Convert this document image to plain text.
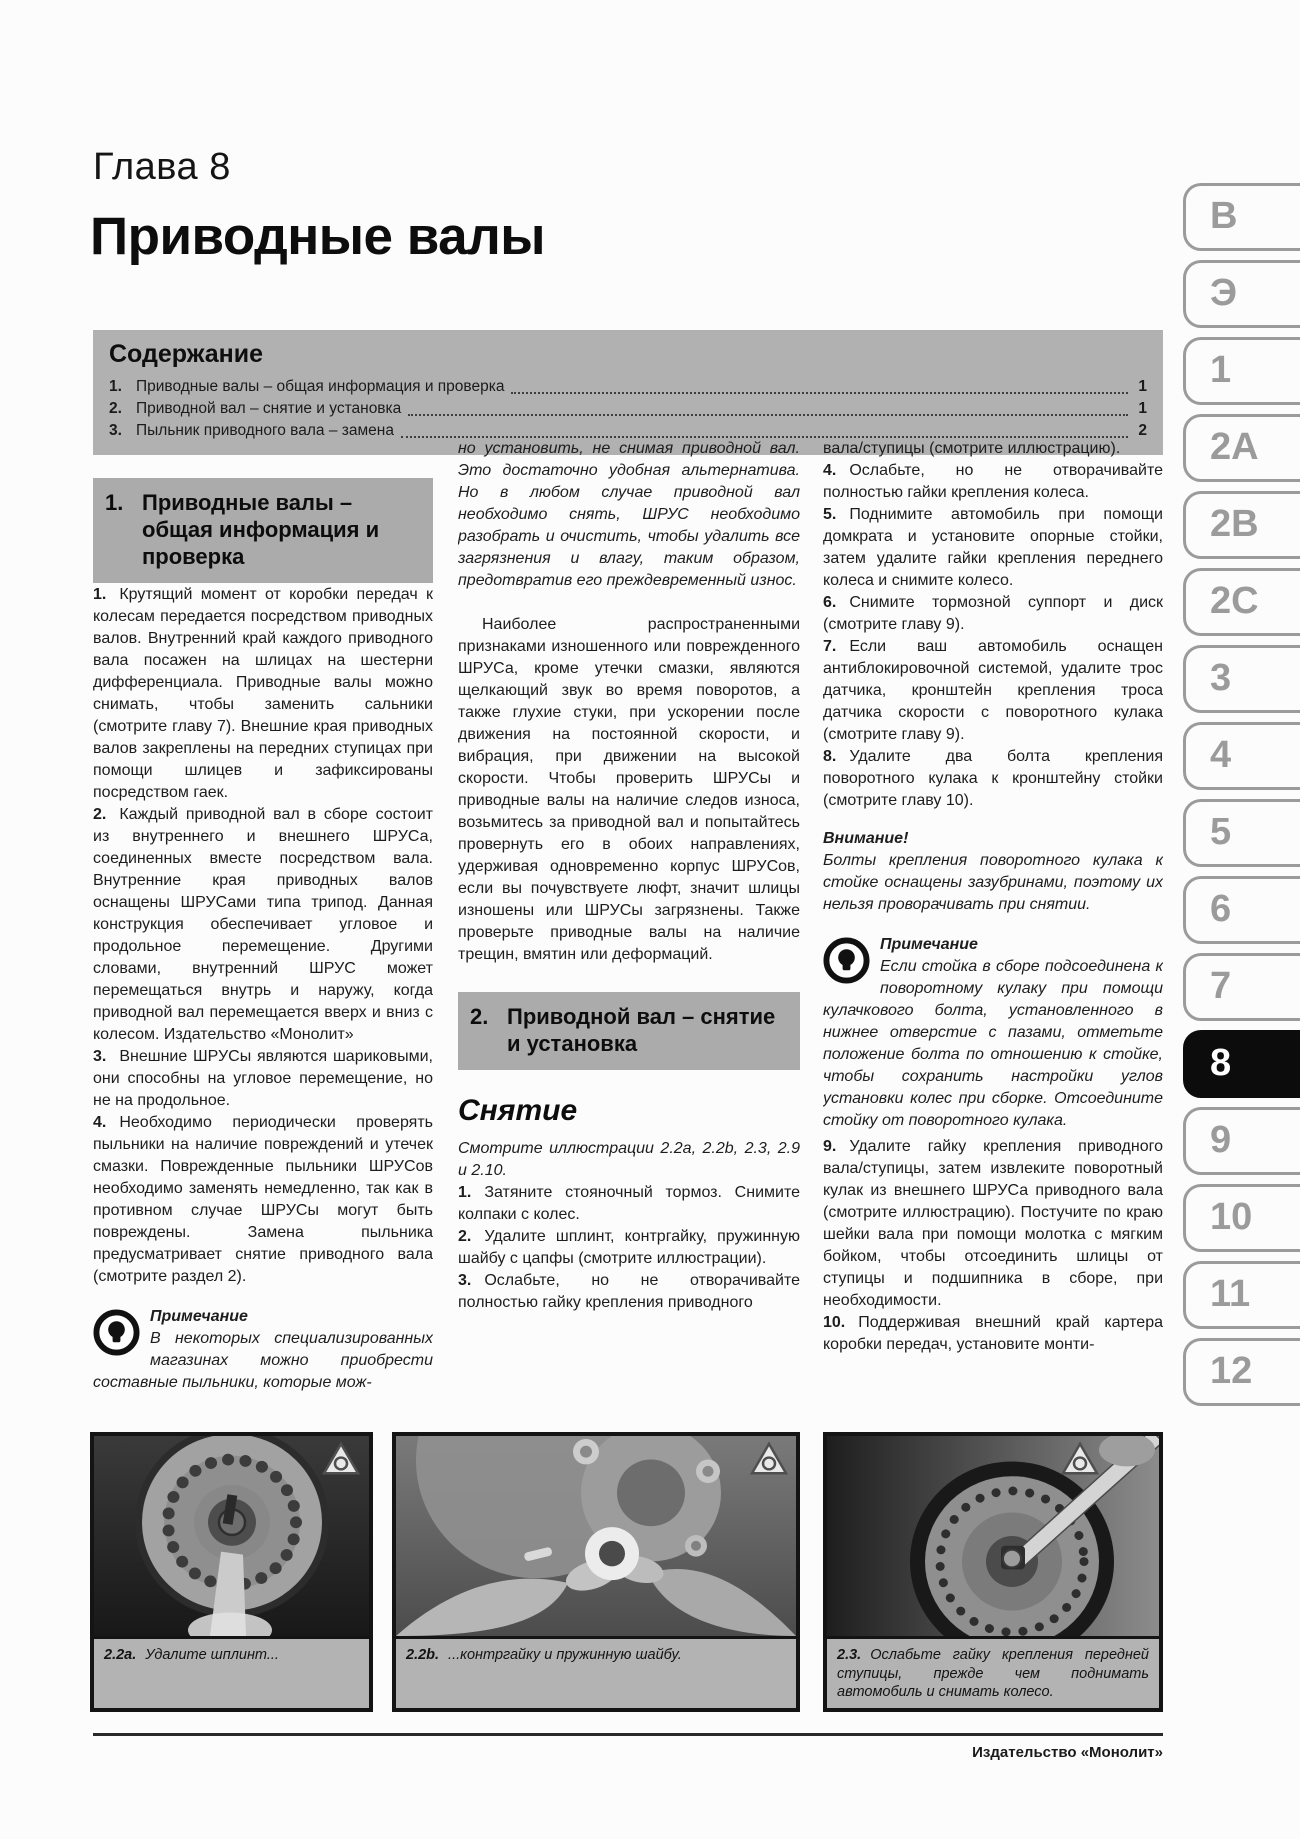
Глава 8
Приводные валы
Содержание
1. Приводные валы – общая информация и проверка	1
2. Приводной вал – снятие и установка	1
3. Пыльник приводного вала – замена	2
1. Приводные валы – общая информация и проверка

1. Крутящий момент от коробки передач к колесам передается посредством приводных валов. Внутренний край каждого приводного вала посажен на шлицах на шестерни дифференциала. Приводные валы можно снимать, чтобы заменить сальники (смотрите главу 7). Внешние края приводных валов закреплены на передних ступицах при помощи шлицев и зафиксированы посредством гаек.

2. Каждый приводной вал в сборе состоит из внутреннего и внешнего ШРУСа, соединенных вместе посредством вала. Внутренние края приводных валов оснащены ШРУСами типа трипод. Данная конструкция обеспечивает угловое и продольное перемещение. Другими словами, внутренний ШРУС может перемещаться внутрь и наружу, когда приводной вал перемещается вверх и вниз с колесом. Издательство «Монолит»

3. Внешние ШРУСы являются шариковыми, они способны на угловое перемещение, но не на продольное.

4. Необходимо периодически проверять пыльники на наличие повреждений и утечек смазки. Поврежденные пыльники ШРУСов необходимо заменять немедленно, так как в противном случае ШРУСы могут быть повреждены. Замена пыльника предусматривает снятие приводного вала (смотрите раздел 2).

Примечание
В некоторых специализированных магазинах можно приобрести составные пыльники, которые мож-

но установить, не снимая приводной вал. Это достаточно удобная альтернатива. Но в любом случае приводной вал необходимо снять, ШРУС необходимо разобрать и очистить, чтобы удалить все загрязнения и влагу, таким образом, предотвратив его преждевременный износ.

Наиболее распространенными признаками изношенного или поврежденного ШРУСа, кроме утечки смазки, являются щелкающий звук во время поворотов, а также глухие стуки, при ускорении после движения на постоянной скорости, и вибрация, при движении на высокой скорости. Чтобы проверить ШРУСы и приводные валы на наличие следов износа, возьмитесь за приводной вал и попытайтесь провернуть его в обоих направлениях, удерживая одновременно корпус ШРУСов, если вы почувствуете люфт, значит шлицы изношены или ШРУСы загрязнены. Также проверьте приводные валы на наличие трещин, вмятин или деформаций.

2. Приводной вал – снятие и установка

Снятие

Смотрите иллюстрации 2.2a, 2.2b, 2.3, 2.9 и 2.10.

1. Затяните стояночный тормоз. Снимите колпаки с колес.

2. Удалите шплинт, контргайку, пружинную шайбу с цапфы (смотрите иллюстрации).

3. Ослабьте, но не отворачивайте полностью гайку крепления приводного

вала/ступицы (смотрите иллюстрацию).

4. Ослабьте, но не отворачивайте полностью гайки крепления колеса.

5. Поднимите автомобиль при помощи домкрата и установите опорные стойки, затем удалите гайки крепления переднего колеса и снимите колесо.

6. Снимите тормозной суппорт и диск (смотрите главу 9).

7. Если ваш автомобиль оснащен антиблокировочной системой, удалите трос датчика, кронштейн крепления троса датчика скорости с поворотного кулака (смотрите главу 9).

8. Удалите два болта крепления поворотного кулака к кронштейну стойки (смотрите главу 10).

Внимание!

Болты крепления поворотного кулака к стойке оснащены зазубринами, поэтому их нельзя проворачивать при снятии.

Примечание
Если стойка в сборе подсоединена к поворотному кулаку при помощи кулачкового болта, установленного в нижнее отверстие с пазами, отметьте положение болта по отношению к стойке, чтобы сохранить настройки углов установки колес при сборке. Отсоедините стойку от поворотного кулака.

9. Удалите гайку крепления приводного вала/ступицы, затем извлеките поворотный кулак из внешнего ШРУСа приводного вала (смотрите иллюстрацию). Постучите по краю шейки вала при помощи молотка с мягким бойком, чтобы отсоединить шлицы от ступицы и подшипника в сборе, при необходимости.

10. Поддерживая внешний край картера коробки передач, установите монти-

В
Э
1
2А
2В
2С
3
4
5
6
7
8
9
10
11
12
2.2a. Удалите шплинт...	2.2b. ...контргайку и пружинную шайбу.	2.3. Ослабьте гайку крепления передней ступицы, прежде чем поднимать автомобиль и снимать колесо.
Издательство «Монолит»
